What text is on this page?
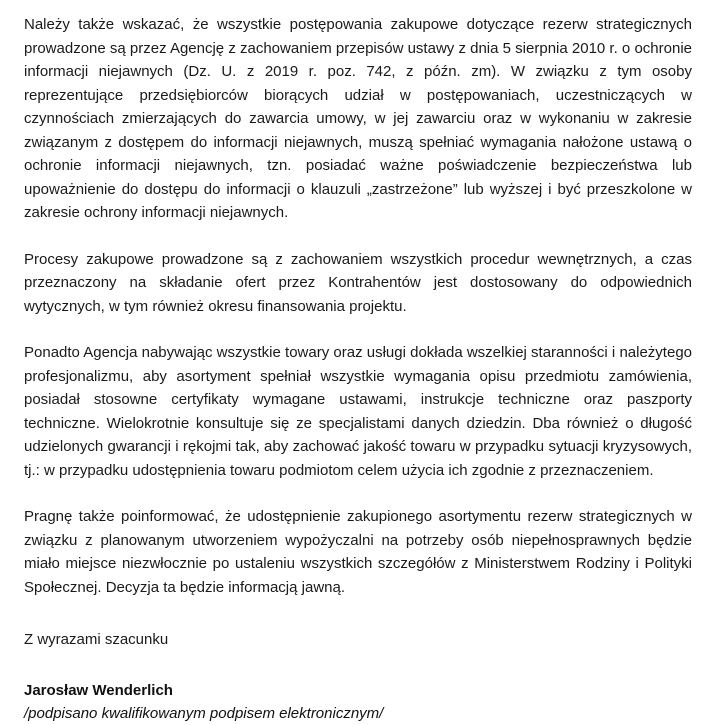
Należy także wskazać, że wszystkie postępowania zakupowe dotyczące rezerw strategicznych prowadzone są przez Agencję z zachowaniem przepisów ustawy z dnia 5 sierpnia 2010 r. o ochronie informacji niejawnych (Dz. U. z 2019 r. poz. 742, z późn. zm). W związku z tym osoby reprezentujące przedsiębiorców biorących udział w postępowaniach, uczestniczących w czynnościach zmierzających do zawarcia umowy, w jej zawarciu oraz w wykonaniu w zakresie związanym z dostępem do informacji niejawnych, muszą spełniać wymagania nałożone ustawą o ochronie informacji niejawnych, tzn. posiadać ważne poświadczenie bezpieczeństwa lub upoważnienie do dostępu do informacji o klauzuli „zastrzeżone” lub wyższej i być przeszkolone w zakresie ochrony informacji niejawnych.

Procesy zakupowe prowadzone są z zachowaniem wszystkich procedur wewnętrznych, a czas przeznaczony na składanie ofert przez Kontrahentów jest dostosowany do odpowiednich wytycznych, w tym również okresu finansowania projektu.

Ponadto Agencja nabywając wszystkie towary oraz usługi dokłada wszelkiej staranności i należytego profesjonalizmu, aby asortyment spełniał wszystkie wymagania opisu przedmiotu zamówienia, posiadał stosowne certyfikaty wymagane ustawami, instrukcje techniczne oraz paszporty techniczne. Wielokrotnie konsultuje się ze specjalistami danych dziedzin. Dba również o długość udzielonych gwarancji i rękojmi tak, aby zachować jakość towaru w przypadku sytuacji kryzysowych, tj.: w przypadku udostępnienia towaru podmiotom celem użycia ich zgodnie z przeznaczeniem.

Pragnę także poinformować, że udostępnienie zakupionego asortymentu rezerw strategicznych w związku z planowanym utworzeniem wypożyczalni na potrzeby osób niepełnosprawnych będzie miało miejsce niezwłocznie po ustaleniu wszystkich szczegółów z Ministerstwem Rodziny i Polityki Społecznej. Decyzja ta będzie informacją jawną.

Z wyrazami szacunku
Jarosław Wenderlich
/podpisano kwalifikowanym podpisem elektronicznym/
